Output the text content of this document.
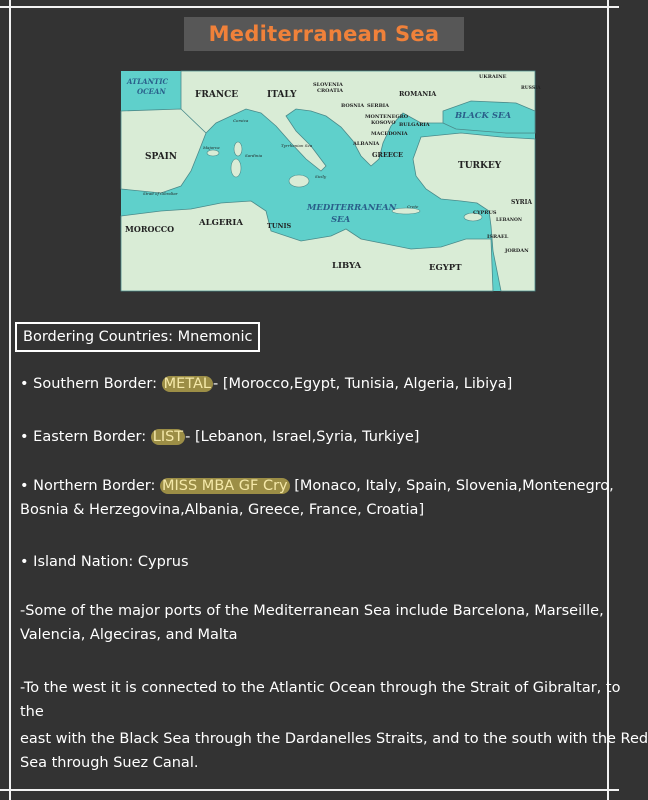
Mediterranean Sea
ATLANTIC
OCEAN	FRANCE	ITALY
SLOVENIA
CROATIA
BOSNIA SERBIA
MONTENEGRO
KOSOVO
MACEDONIA
ALBANIA
GREECE
ROMANIA
BULGARIA
UKRAINE
RUSSIA
BLACK SEA
SPAIN
TURKEY
SYRIA
LEBANON
CYPRUS
ISRAEL
JORDAN
MEDITERRANEAN
SEA
ALGERIA	TUNIS
MOROCCO
LIBYA	EGYPT
Strait of Gibraltar
Corsica
Sardinia
Tyrrhenian Sea
Sicily
Crete
Majorca
Bordering Countries: Mnemonic
• Southern Border: METAL - [Morocco,Egypt, Tunisia, Algeria, Libiya]
• Eastern Border: LIST - [Lebanon, Israel,Syria, Turkiye]
• Northern Border: MISS MBA GF Cry [Monaco, Italy, Spain, Slovenia,Montenegro,
Bosnia & Herzegovina,Albania, Greece, France, Croatia]
• Island Nation: Cyprus
-Some of the major ports of the Mediterranean Sea include Barcelona, Marseille,
Valencia, Algeciras, and Malta
-To the west it is connected to the Atlantic Ocean through the Strait of Gibraltar, to
the
east with the Black Sea through the Dardanelles Straits, and to the south with the Red
Sea through Suez Canal.
